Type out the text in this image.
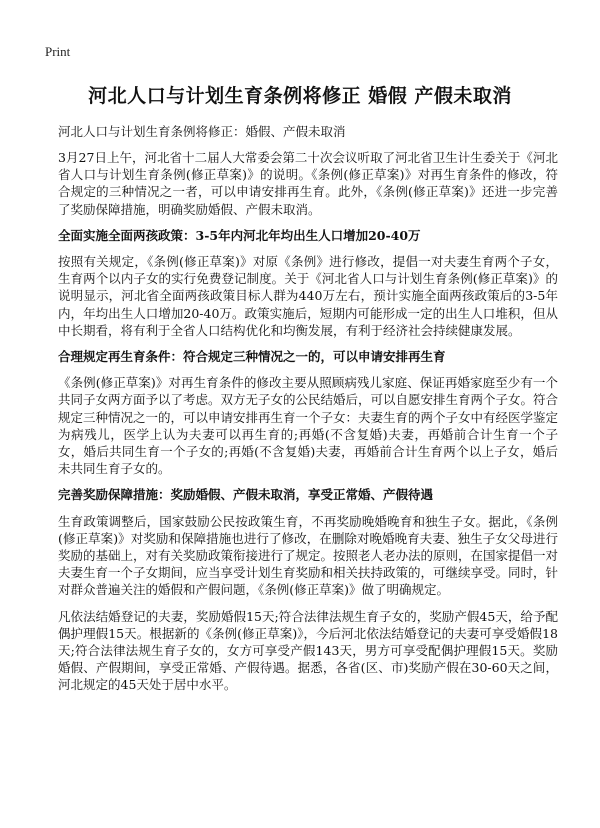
Print
河北人口与计划生育条例将修正 婚假 产假未取消

河北人口与计划生育条例将修正：婚假、产假未取消

3月27日上午，河北省十二届人大常委会第二十次会议听取了河北省卫生计生委关于《河北省人口与计划生育条例(修正草案)》的说明。《条例(修正草案)》对再生育条件的修改，符合规定的三种情况之一者，可以申请安排再生育。此外，《条例(修正草案)》还进一步完善了奖励保障措施，明确奖励婚假、产假未取消。

全面实施全面两孩政策：3-5年内河北年均出生人口增加20-40万

按照有关规定，《条例(修正草案)》对原《条例》进行修改，提倡一对夫妻生育两个子女，生育两个以内子女的实行免费登记制度。关于《河北省人口与计划生育条例(修正草案)》的说明显示，河北省全面两孩政策目标人群为440万左右，预计实施全面两孩政策后的3-5年内，年均出生人口增加20-40万。政策实施后，短期内可能形成一定的出生人口堆积，但从中长期看，将有利于全省人口结构优化和均衡发展，有利于经济社会持续健康发展。

合理规定再生育条件：符合规定三种情况之一的，可以申请安排再生育

《条例(修正草案)》对再生育条件的修改主要从照顾病残儿家庭、保证再婚家庭至少有一个共同子女两方面予以了考虑。双方无子女的公民结婚后，可以自愿安排生育两个子女。符合规定三种情况之一的，可以申请安排再生育一个子女：夫妻生育的两个子女中有经医学鉴定为病残儿，医学上认为夫妻可以再生育的;再婚(不含复婚)夫妻，再婚前合计生育一个子女，婚后共同生育一个子女的;再婚(不含复婚)夫妻，再婚前合计生育两个以上子女，婚后未共同生育子女的。

完善奖励保障措施：奖励婚假、产假未取消，享受正常婚、产假待遇

生育政策调整后，国家鼓励公民按政策生育，不再奖励晚婚晚育和独生子女。据此，《条例(修正草案)》对奖励和保障措施也进行了修改，在删除对晚婚晚育夫妻、独生子女父母进行奖励的基础上，对有关奖励政策衔接进行了规定。按照老人老办法的原则，在国家提倡一对夫妻生育一个子女期间，应当享受计划生育奖励和相关扶持政策的，可继续享受。同时，针对群众普遍关注的婚假和产假问题，《条例(修正草案)》做了明确规定。

凡依法结婚登记的夫妻，奖励婚假15天;符合法律法规生育子女的，奖励产假45天，给予配偶护理假15天。根据新的《条例(修正草案)》，今后河北依法结婚登记的夫妻可享受婚假18天;符合法律法规生育子女的，女方可享受产假143天，男方可享受配偶护理假15天。奖励婚假、产假期间，享受正常婚、产假待遇。据悉，各省(区、市)奖励产假在30-60天之间，河北规定的45天处于居中水平。
